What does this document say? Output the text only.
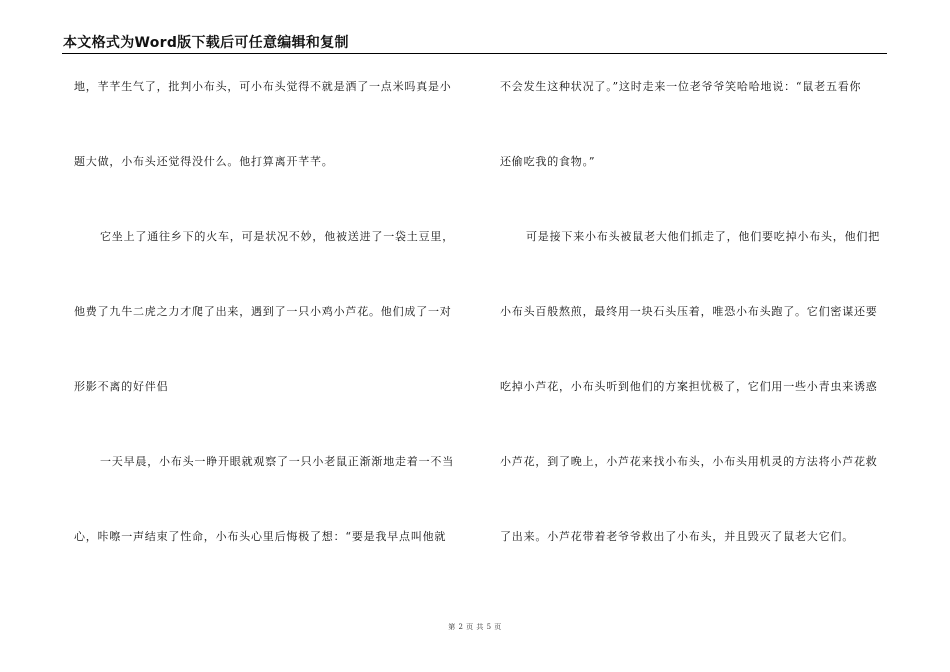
本文格式为Word版下载后可任意编辑和复制
地，芊芊生气了，批判小布头，可小布头觉得不就是洒了一点米吗真是小
题大做，小布头还觉得没什么。他打算离开芊芊。
它坐上了通往乡下的火车，可是状况不妙，他被送进了一袋土豆里，
他费了九牛二虎之力才爬了出来，遇到了一只小鸡小芦花。他们成了一对
形影不离的好伴侣
一天早晨，小布头一睁开眼就观察了一只小老鼠正渐渐地走着一不当
心，咔嚓一声结束了性命，小布头心里后悔极了想：“要是我早点叫他就
不会发生这种状况了。”这时走来一位老爷爷笑哈哈地说：“鼠老五看你
还偷吃我的食物。”
可是接下来小布头被鼠老大他们抓走了，他们要吃掉小布头，他们把
小布头百般熬煎，最终用一块石头压着，唯恐小布头跑了。它们密谋还要
吃掉小芦花，小布头听到他们的方案担忧极了，它们用一些小青虫来诱惑
小芦花，到了晚上，小芦花来找小布头，小布头用机灵的方法将小芦花救
了出来。小芦花带着老爷爷救出了小布头，并且毁灭了鼠老大它们。
第 2 页 共 5 页
